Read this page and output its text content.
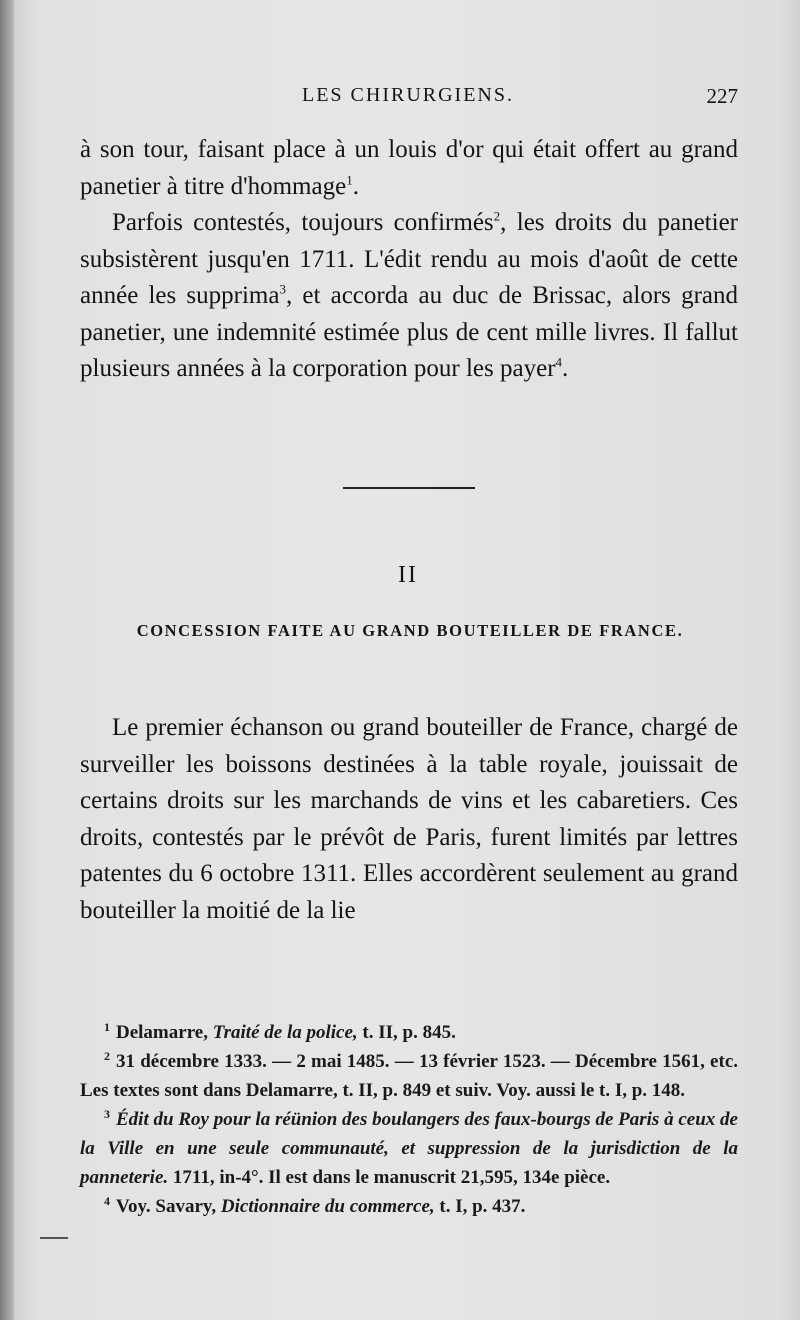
LES CHIRURGIENS.	227

à son tour, faisant place à un louis d'or qui était offert au grand panetier à titre d'hommage$^1$.

Parfois contestés, toujours confirmés$^2$, les droits du panetier subsistèrent jusqu'en 1711. L'édit rendu au mois d'août de cette année les supprima$^3$, et accorda au duc de Brissac, alors grand panetier, une indemnité estimée plus de cent mille livres. Il fallut plusieurs années à la corporation pour les payer$^4$.

II

CONCESSION FAITE AU GRAND BOUTEILLER DE FRANCE.

Le premier échanson ou grand bouteiller de France, chargé de surveiller les boissons destinées à la table royale, jouissait de certains droits sur les marchands de vins et les cabaretiers. Ces droits, contestés par le prévôt de Paris, furent limités par lettres patentes du 6 octobre 1311. Elles accordèrent seulement au grand bouteiller la moitié de la lie

$^1$ Delamarre, Traité de la police, t. II, p. 845.

$^2$ 31 décembre 1333. — 2 mai 1485. — 13 février 1523. — Décembre 1561, etc. Les textes sont dans Delamarre, t. II, p. 849 et suiv. Voy. aussi le t. I, p. 148.

$^3$ Édit du Roy pour la réünion des boulangers des faux-bourgs de Paris à ceux de la Ville en une seule communauté, et suppression de la jurisdiction de la panneterie. 1711, in-4°. Il est dans le manuscrit 21,595, 134e pièce.

$^4$ Voy. Savary, Dictionnaire du commerce, t. I, p. 437.
